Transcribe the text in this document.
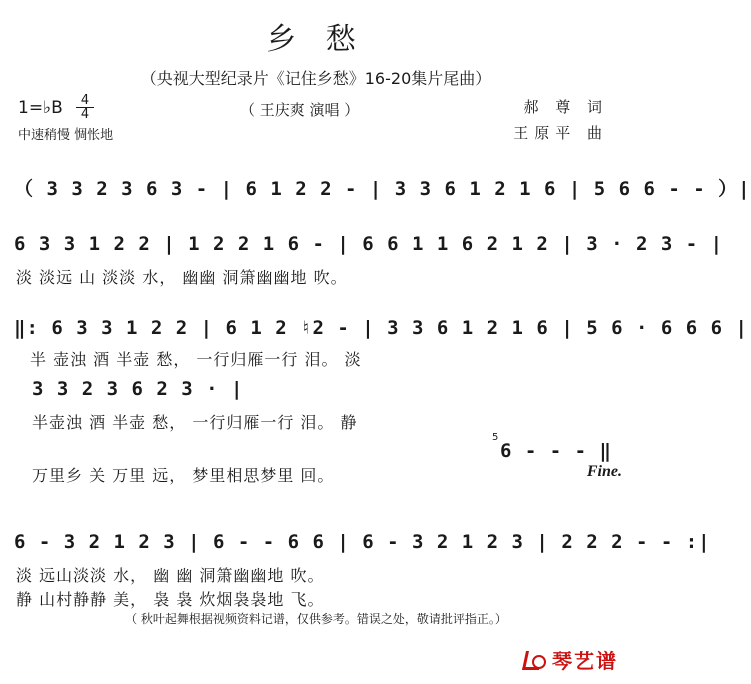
乡 愁
（央视大型纪录片《记住乡愁》16-20集片尾曲）
1=♭B	4
4	（ 王庆爽 演唱 ）	郝 尊 词
王原平 曲
中速稍慢 惆怅地
（ 3 3 2 3 6 3 - | 6 1 2 2 - | 3 3 6 1 2 1 6 | 5 6 6 - - ）|
6 3 3 1 2 2 | 1 2 2 1 6 - | 6 6 1 1 6 2 1 2 | 3 · 2 3 - |
淡 淡远 山 淡淡 水， 幽幽 洞箫幽幽地 吹。
‖: 6 3 3 1 2 2 | 6 1 2 ♮2 - | 3 3 6 1 2 1 6 | 5 6 · 6 6 6 |
半 壶浊 酒 半壶 愁， 一行归雁一行 泪。 淡
3 3 2 3 6 2 3 · |
半壶浊 酒 半壶 愁， 一行归雁一行 泪。 静
万里乡 关 万里 远， 梦里相思梦里 回。
5
6 - - - ‖
Fine.
6 - 3 2 1 2 3 | 6 - - 6 6 | 6 - 3 2 1 2 3 | 2 2 2 - - :|
淡 远山淡淡 水， 幽 幽 洞箫幽幽地 吹。
静 山村静静 美， 袅 袅 炊烟袅袅地 飞。
（ 秋叶起舞根据视频资料记谱，仅供参考。错误之处，敬请批评指正。）
琴艺谱
